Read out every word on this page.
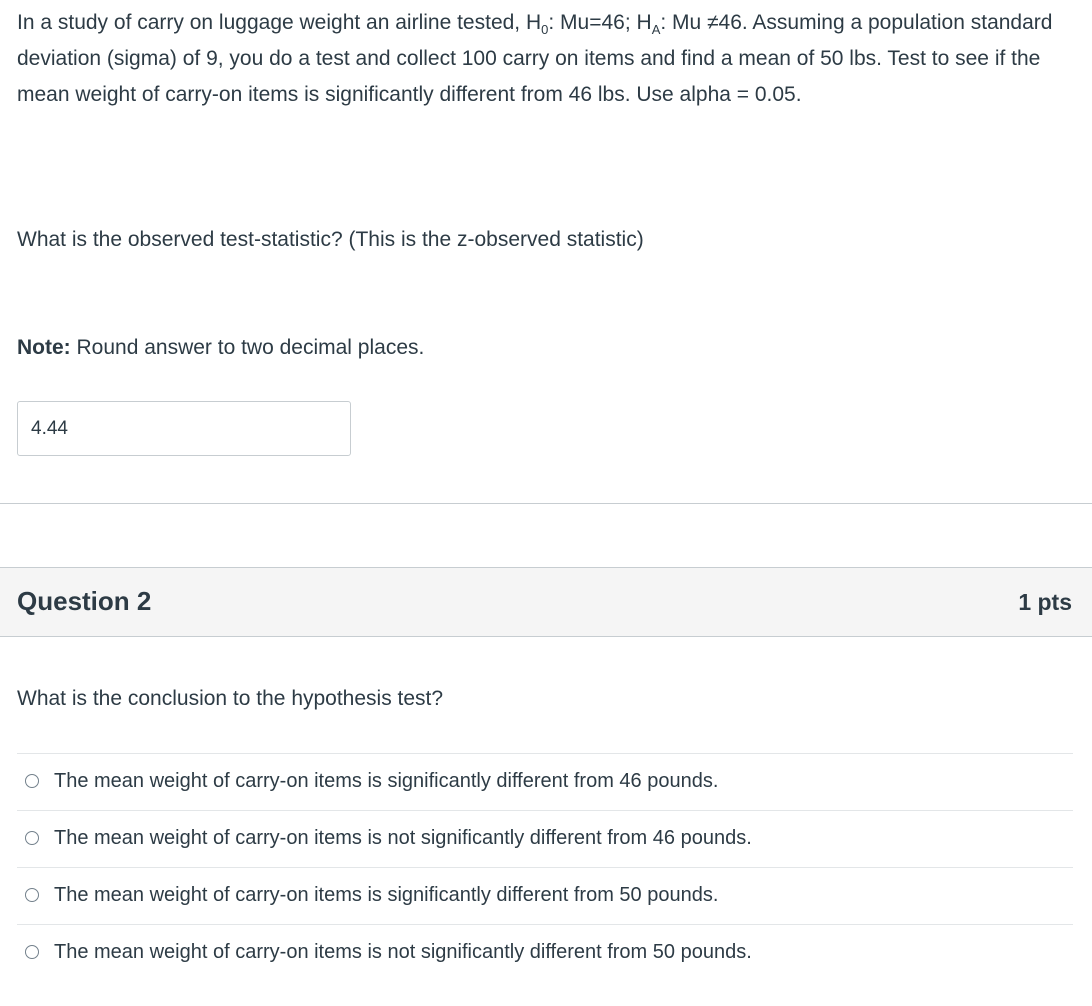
In a study of carry on luggage weight an airline tested, $H_0$: Mu=46; $H_A$: Mu ≠46. Assuming a population standard deviation (sigma) of 9, you do a test and collect 100 carry on items and find a mean of 50 lbs. Test to see if the mean weight of carry-on items is significantly different from 46 lbs. Use alpha = 0.05.

What is the observed test-statistic? (This is the z-observed statistic)

Note: Round answer to two decimal places.

4.44
Question 2	1 pts

What is the conclusion to the hypothesis test?

The mean weight of carry-on items is significantly different from 46 pounds.
The mean weight of carry-on items is not significantly different from 46 pounds.
The mean weight of carry-on items is significantly different from 50 pounds.
The mean weight of carry-on items is not significantly different from 50 pounds.
